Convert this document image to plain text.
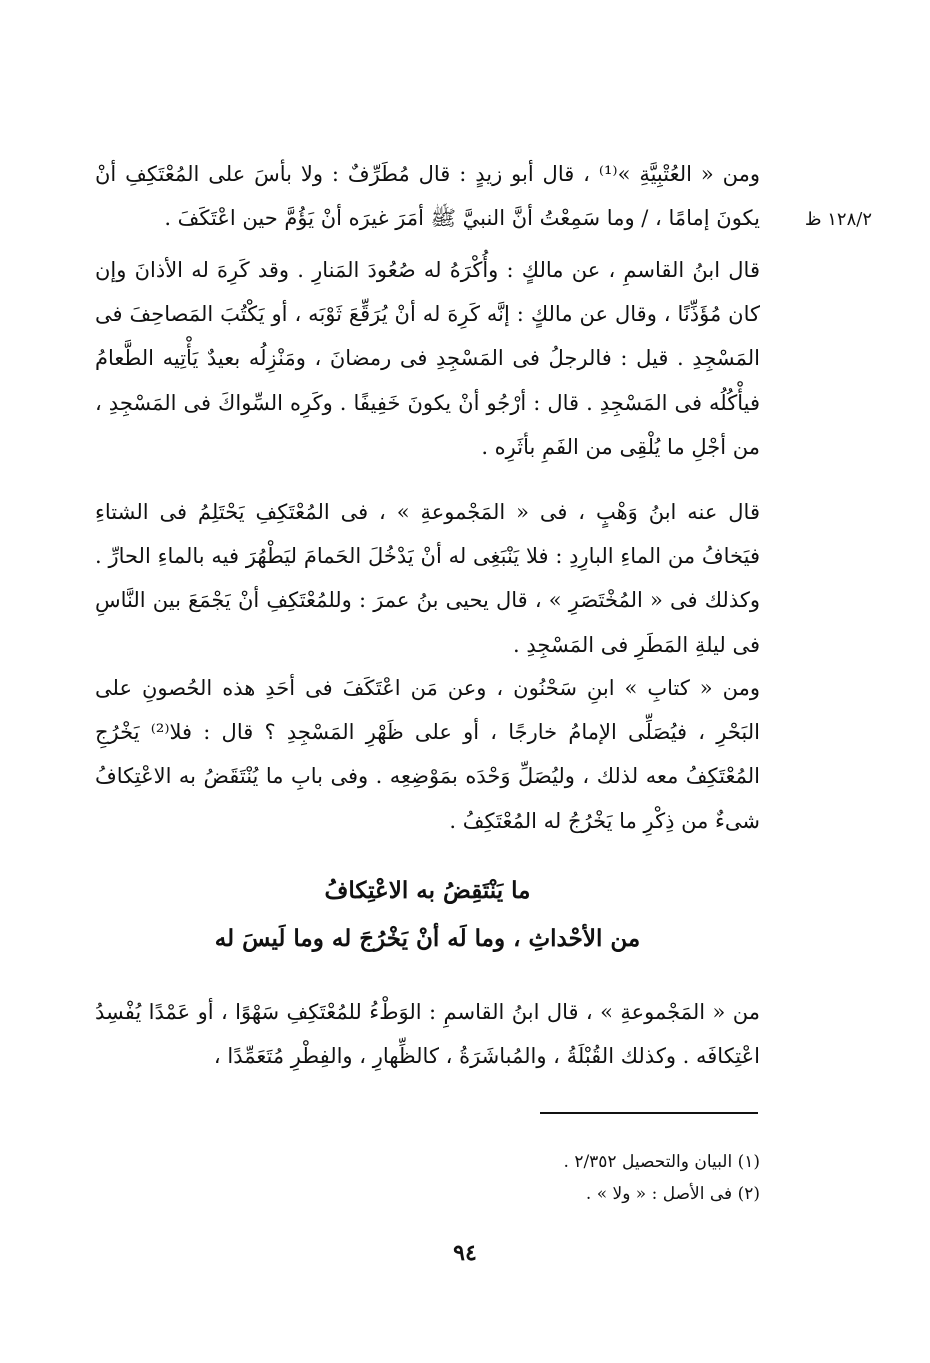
١٢٨/٢ ظ

ومن « العُتْبِيَّةِ »⁽¹⁾ ، قال أبو زيدٍ : قال مُطَرِّفٌ : ولا بأسَ على المُعْتَكِفِ أنْ يكونَ إمامًا ، / وما سَمِعْتُ أنَّ النبيَّ ﷺ أمَرَ غيرَه أنْ يَؤُمَّ حين اعْتَكَفَ .

قال ابنُ القاسمِ ، عن مالكٍ : وأُكْرَهُ له صُعُودَ المَنارِ . وقد كَرِهَ له الأذانَ وإن كان مُؤَذِّنًا ، وقال عن مالكٍ : إنَّه كَرِهَ له أنْ يُرَقِّعَ ثَوْبَه ، أو يَكْتُبَ المَصاحِفَ فى المَسْجِدِ . قيل : فالرجلُ فى المَسْجِدِ فى رمضانَ ، ومَنْزِلُه بعيدٌ يَأْتِيه الطَّعامُ فيأْكُلُه فى المَسْجِدِ . قال : أرْجُو أنْ يكونَ خَفِيفًا . وكَرِه السِّواكَ فى المَسْجِدِ ، من أجْلِ ما يُلْقِى من الفَمِ بأثَرِه .

قال عنه ابنُ وَهْبٍ ، فى « المَجْموعةِ » ، فى المُعْتَكِفِ يَحْتَلِمُ فى الشتاءِ فيَخافُ من الماءِ البارِدِ : فلا يَنْبَغِى له أنْ يَدْخُلَ الحَمامَ ليَطْهُرَ فيه بالماءِ الحارِّ . وكذلك فى « المُخْتَصَرِ » ، قال يحيى بنُ عمرَ : وللمُعْتَكِفِ أنْ يَجْمَعَ بين النَّاسِ فى ليلةِ المَطَرِ فى المَسْجِدِ .

ومن « كتابِ » ابنِ سَحْنُون ، وعن مَن اعْتَكَفَ فى أحَدِ هذه الحُصونِ على البَحْرِ ، فيُصَلِّى الإمامُ خارجًا ، أو على ظَهْرِ المَسْجِدِ ؟ قال : فلا⁽²⁾ يَخْرُجِ المُعْتَكِفُ معه لذلك ، وليُصَلِّ وَحْدَه بمَوْضِعِه . وفى بابِ ما يُنْتَقَضُ به الاعْتِكافُ شىءٌ من ذِكْرِ ما يَخْرُجُ له المُعْتَكِفُ .

ما يَنْتَقِضُ به الاعْتِكافُ
من الأحْداثِ ، وما لَه أنْ يَخْرُجَ له وما لَيسَ له

من « المَجْموعةِ » ، قال ابنُ القاسمِ : الوَطْءُ للمُعْتَكِفِ سَهْوًا ، أو عَمْدًا يُفْسِدُ اعْتِكافَه . وكذلك القُبْلَةُ ، والمُباشَرَةُ ، كالظِّهارِ ، والفِطْرِ مُتَعَمِّدًا ،

(١) البيان والتحصيل ٢/٣٥٢ .
(٢) فى الأصل : « ولا » .
٩٤
